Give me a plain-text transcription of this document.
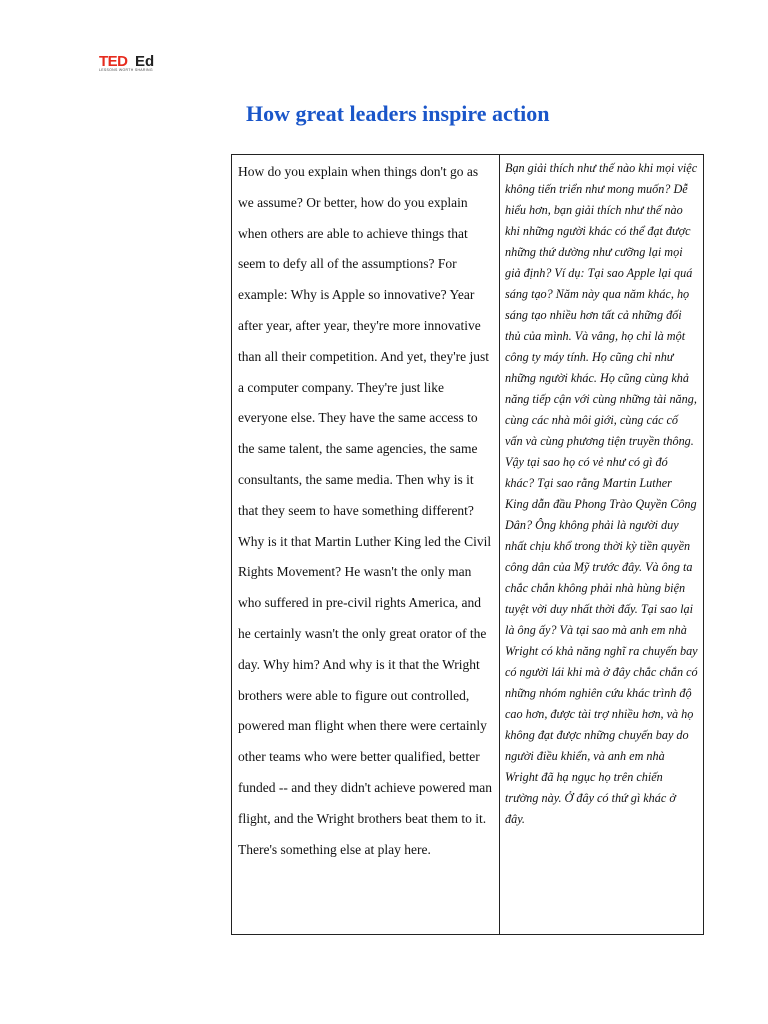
TED Ed
LESSONS WORTH SHARING
How great leaders inspire action
How do you explain when things don't go as we assume? Or better, how do you explain when others are able to achieve things that seem to defy all of the assumptions? For example: Why is Apple so innovative? Year after year, after year, they're more innovative than all their competition. And yet, they're just a computer company. They're just like everyone else. They have the same access to the same talent, the same agencies, the same consultants, the same media. Then why is it that they seem to have something different? Why is it that Martin Luther King led the Civil Rights Movement? He wasn't the only man who suffered in pre-civil rights America, and he certainly wasn't the only great orator of the day. Why him? And why is it that the Wright brothers were able to figure out controlled, powered man flight when there were certainly other teams who were better qualified, better funded -- and they didn't achieve powered man flight, and the Wright brothers beat them to it. There's something else at play here.
Bạn giải thích như thế nào khi mọi việc không tiến triển như mong muốn? Dễ hiểu hơn, bạn giải thích như thế nào khi những người khác có thể đạt được những thứ dường như cưỡng lại mọi giả định? Ví dụ: Tại sao Apple lại quá sáng tạo? Năm này qua năm khác, họ sáng tạo nhiều hơn tất cả những đối thủ của mình. Và vâng, họ chỉ là một công ty máy tính. Họ cũng chỉ như những người khác. Họ cũng cùng khả năng tiếp cận với cùng những tài năng, cùng các nhà môi giới, cùng các cố vấn và cùng phương tiện truyền thông. Vậy tại sao họ có vẻ như có gì đó khác? Tại sao rằng Martin Luther King dẫn đầu Phong Trào Quyền Công Dân? Ông không phải là người duy nhất chịu khổ trong thời kỳ tiền quyền công dân của Mỹ trước đây. Và ông ta chắc chắn không phải nhà hùng biện tuyệt vời duy nhất thời đấy. Tại sao lại là ông ấy? Và tại sao mà anh em nhà Wright có khả năng nghĩ ra chuyến bay có người lái khi mà ở đây chắc chắn có những nhóm nghiên cứu khác trình độ cao hơn, được tài trợ nhiều hơn, và họ không đạt được những chuyến bay do người điều khiển, và anh em nhà Wright đã hạ ngục họ trên chiến trường này. Ở đây có thứ gì khác ở đây.
